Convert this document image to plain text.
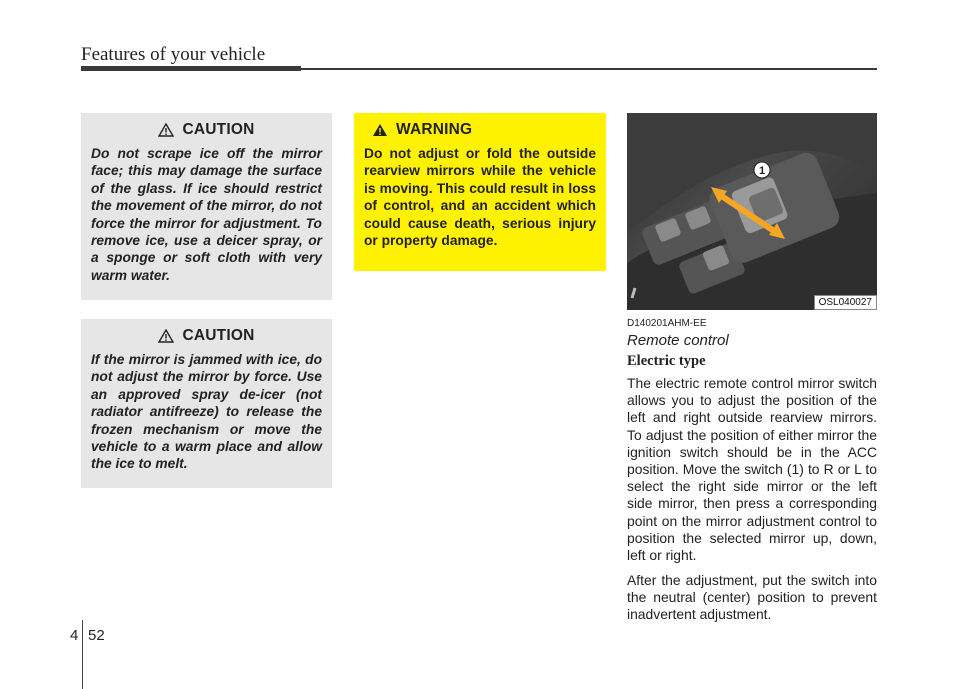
Features of your vehicle
CAUTION
Do not scrape ice off the mirror face; this may damage the surface of the glass. If ice should restrict the movement of the mirror, do not force the mirror for adjustment. To remove ice, use a deicer spray, or a sponge or soft cloth with very warm water.
CAUTION
If the mirror is jammed with ice, do not adjust the mirror by force. Use an approved spray de-icer (not radiator antifreeze) to release the frozen mechanism or move the vehicle to a warm place and allow the ice to melt.
WARNING
Do not adjust or fold the outside rearview mirrors while the vehicle is moving. This could result in loss of control, and an accident which could cause death, serious injury or property damage.
1
OSL040027
D140201AHM-EE
Remote control
Electric type
The electric remote control mirror switch allows you to adjust the position of the left and right outside rearview mirrors. To adjust the position of either mirror the ignition switch should be in the ACC position. Move the switch (1) to R or L to select the right side mirror or the left side mirror, then press a corresponding point on the mirror adjustment control to position the selected mirror up, down, left or right.
After the adjustment, put the switch into the neutral (center) position to prevent inadvertent adjustment.
4 52
